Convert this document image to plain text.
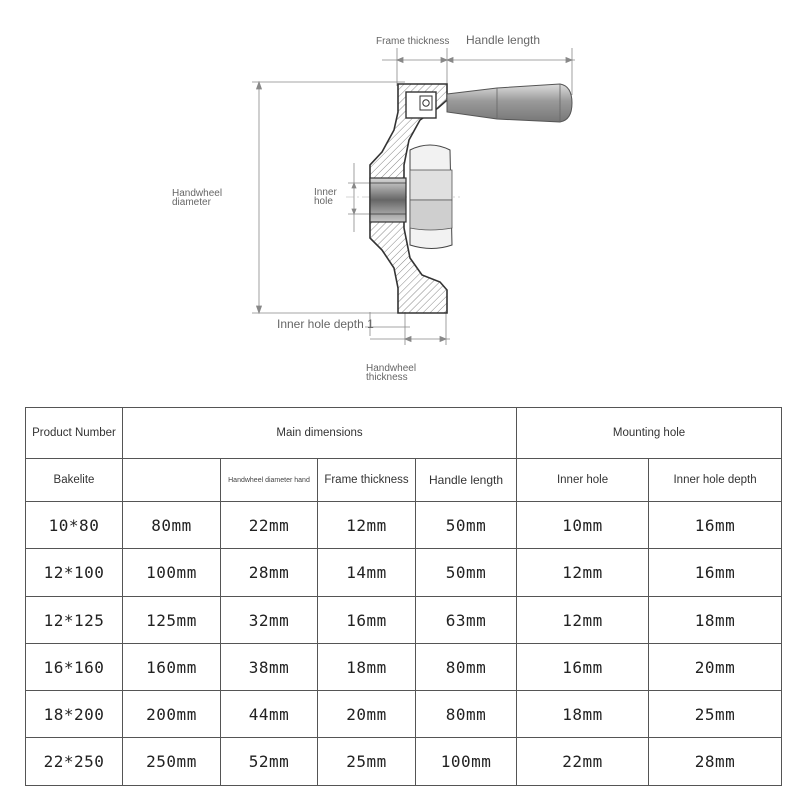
Frame thickness Handle length
Handwheel
diameter
Inner
hole
Inner hole depth 1
Handwheel
thickness
Product Number	Main dimensions				Mounting hole	
Bakelite		Handwheel diameter hand	Frame thickness	Handle length	Inner hole	Inner hole depth
10*80	80mm	22mm	12mm	50mm	10mm	16mm
12*100	100mm	28mm	14mm	50mm	12mm	16mm
12*125	125mm	32mm	16mm	63mm	12mm	18mm
16*160	160mm	38mm	18mm	80mm	16mm	20mm
18*200	200mm	44mm	20mm	80mm	18mm	25mm
22*250	250mm	52mm	25mm	100mm	22mm	28mm
